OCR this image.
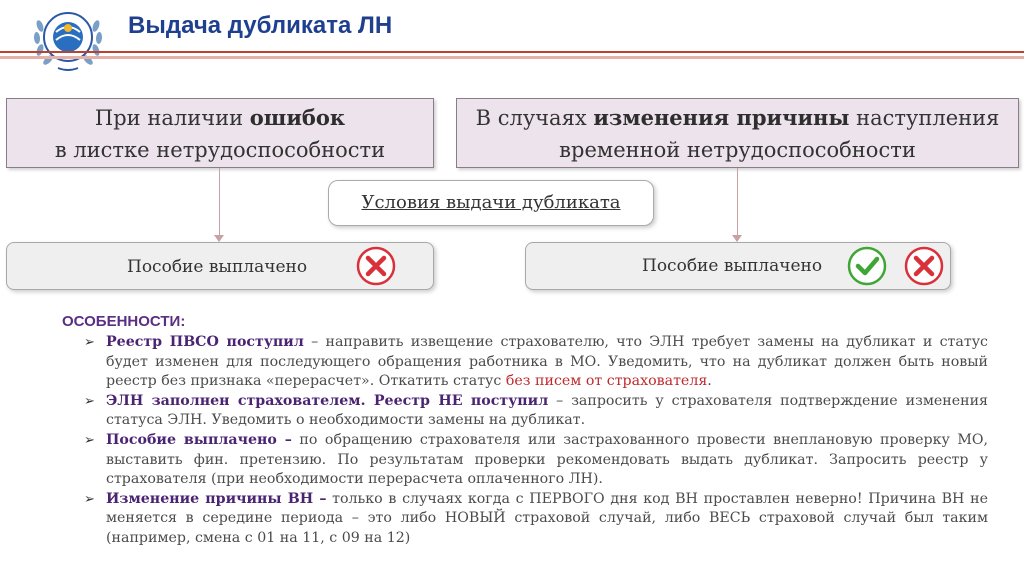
Выдача дубликата ЛН
При наличии ошибок
в листке нетрудоспособности
В случаях изменения причины наступления
временной нетрудоспособности
Условия выдачи дубликата
Пособие выплачено	Пособие выплачено
ОСОБЕННОСТИ:
➢ Реестр ПВСО поступил – направить извещение страхователю, что ЭЛН требует замены на дубликат и статус будет изменен для последующего обращения работника в МО. Уведомить, что на дубликат должен быть новый реестр без признака «перерасчет». Откатить статус без писем от страхователя.
➢ ЭЛН заполнен страхователем. Реестр НЕ поступил – запросить у страхователя подтверждение изменения статуса ЭЛН. Уведомить о необходимости замены на дубликат.
➢ Пособие выплачено – по обращению страхователя или застрахованного провести внеплановую проверку МО, выставить фин. претензию. По результатам проверки рекомендовать выдать дубликат. Запросить реестр у страхователя (при необходимости перерасчета оплаченного ЛН).
➢ Изменение причины ВН – только в случаях когда с ПЕРВОГО дня код ВН проставлен неверно! Причина ВН не меняется в середине периода – это либо НОВЫЙ страховой случай, либо ВЕСЬ страховой случай был таким (например, смена с 01 на 11, с 09 на 12)
